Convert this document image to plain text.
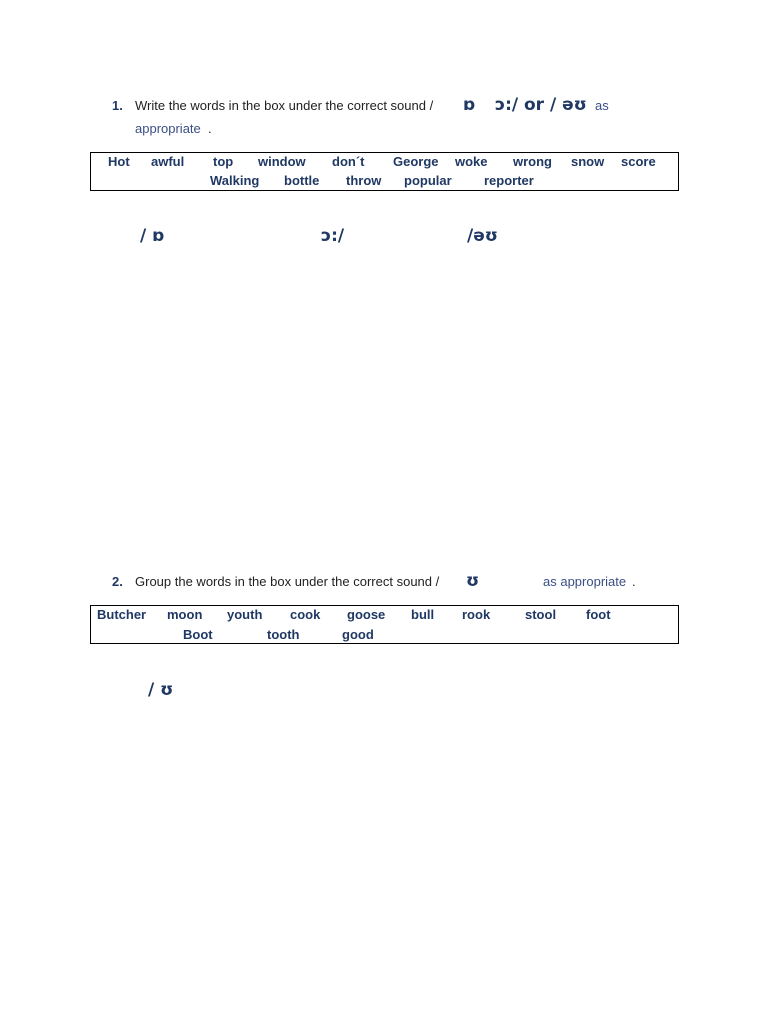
1. Write the words in the box under the correct sound / ɒ ɔ:/ or / əʊ as
appropriate .
Hot awful top window don´t George woke wrong snow score
Walking bottle throw popular reporter
/ ɒ	ɔ:/	/əʊ
2. Group the words in the box under the correct sound / ʊ	as appropriate .
Butcher moon youth cook goose bull rook	stool foot
Boot	tooth	good
/ ʊ
